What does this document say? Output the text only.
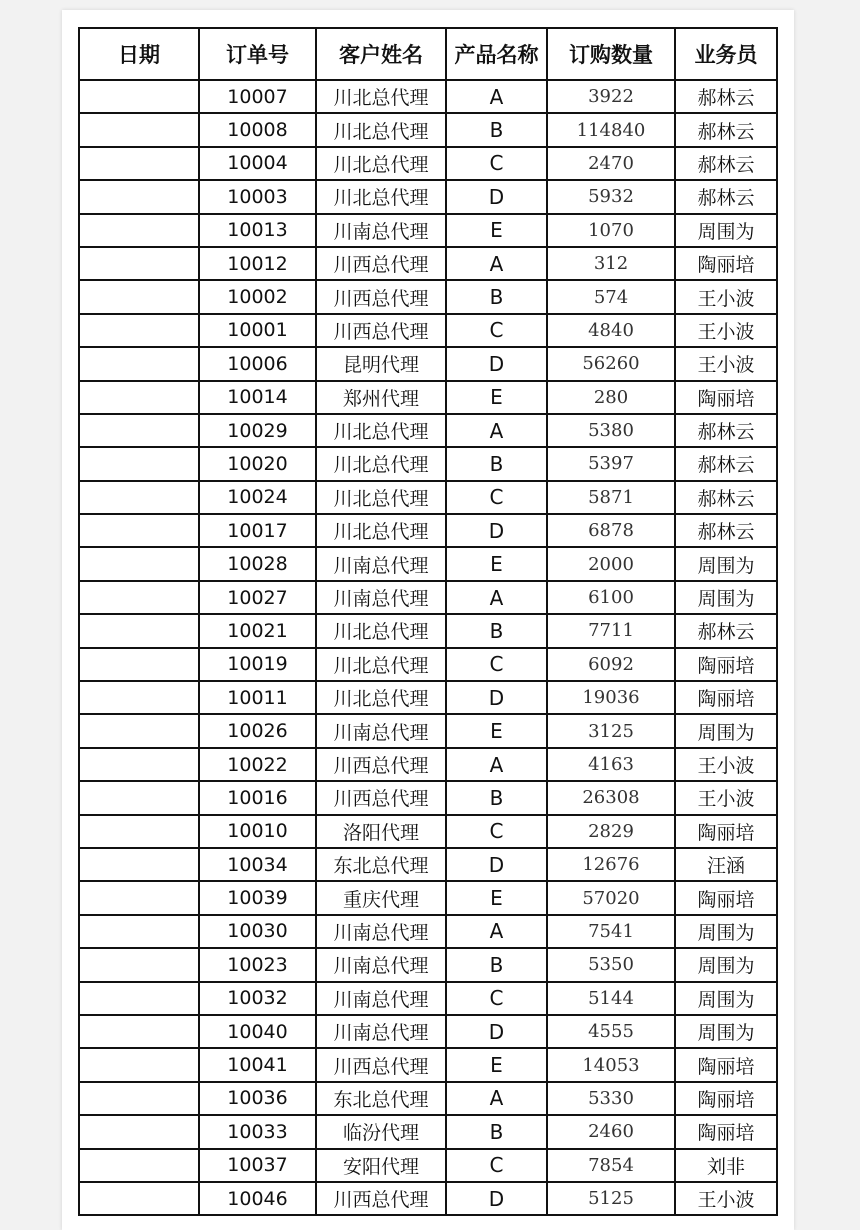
日期	订单号	客户姓名	产品名称	订购数量	业务员
	10007	川北总代理	A	3922	郝林云
	10008	川北总代理	B	114840	郝林云
	10004	川北总代理	C	2470	郝林云
	10003	川北总代理	D	5932	郝林云
	10013	川南总代理	E	1070	周围为
	10012	川西总代理	A	312	陶丽培
	10002	川西总代理	B	574	王小波
	10001	川西总代理	C	4840	王小波
	10006	昆明代理	D	56260	王小波
	10014	郑州代理	E	280	陶丽培
	10029	川北总代理	A	5380	郝林云
	10020	川北总代理	B	5397	郝林云
	10024	川北总代理	C	5871	郝林云
	10017	川北总代理	D	6878	郝林云
	10028	川南总代理	E	2000	周围为
	10027	川南总代理	A	6100	周围为
	10021	川北总代理	B	7711	郝林云
	10019	川北总代理	C	6092	陶丽培
	10011	川北总代理	D	19036	陶丽培
	10026	川南总代理	E	3125	周围为
	10022	川西总代理	A	4163	王小波
	10016	川西总代理	B	26308	王小波
	10010	洛阳代理	C	2829	陶丽培
	10034	东北总代理	D	12676	汪涵
	10039	重庆代理	E	57020	陶丽培
	10030	川南总代理	A	7541	周围为
	10023	川南总代理	B	5350	周围为
	10032	川南总代理	C	5144	周围为
	10040	川南总代理	D	4555	周围为
	10041	川西总代理	E	14053	陶丽培
	10036	东北总代理	A	5330	陶丽培
	10033	临汾代理	B	2460	陶丽培
	10037	安阳代理	C	7854	刘非
	10046	川西总代理	D	5125	王小波
